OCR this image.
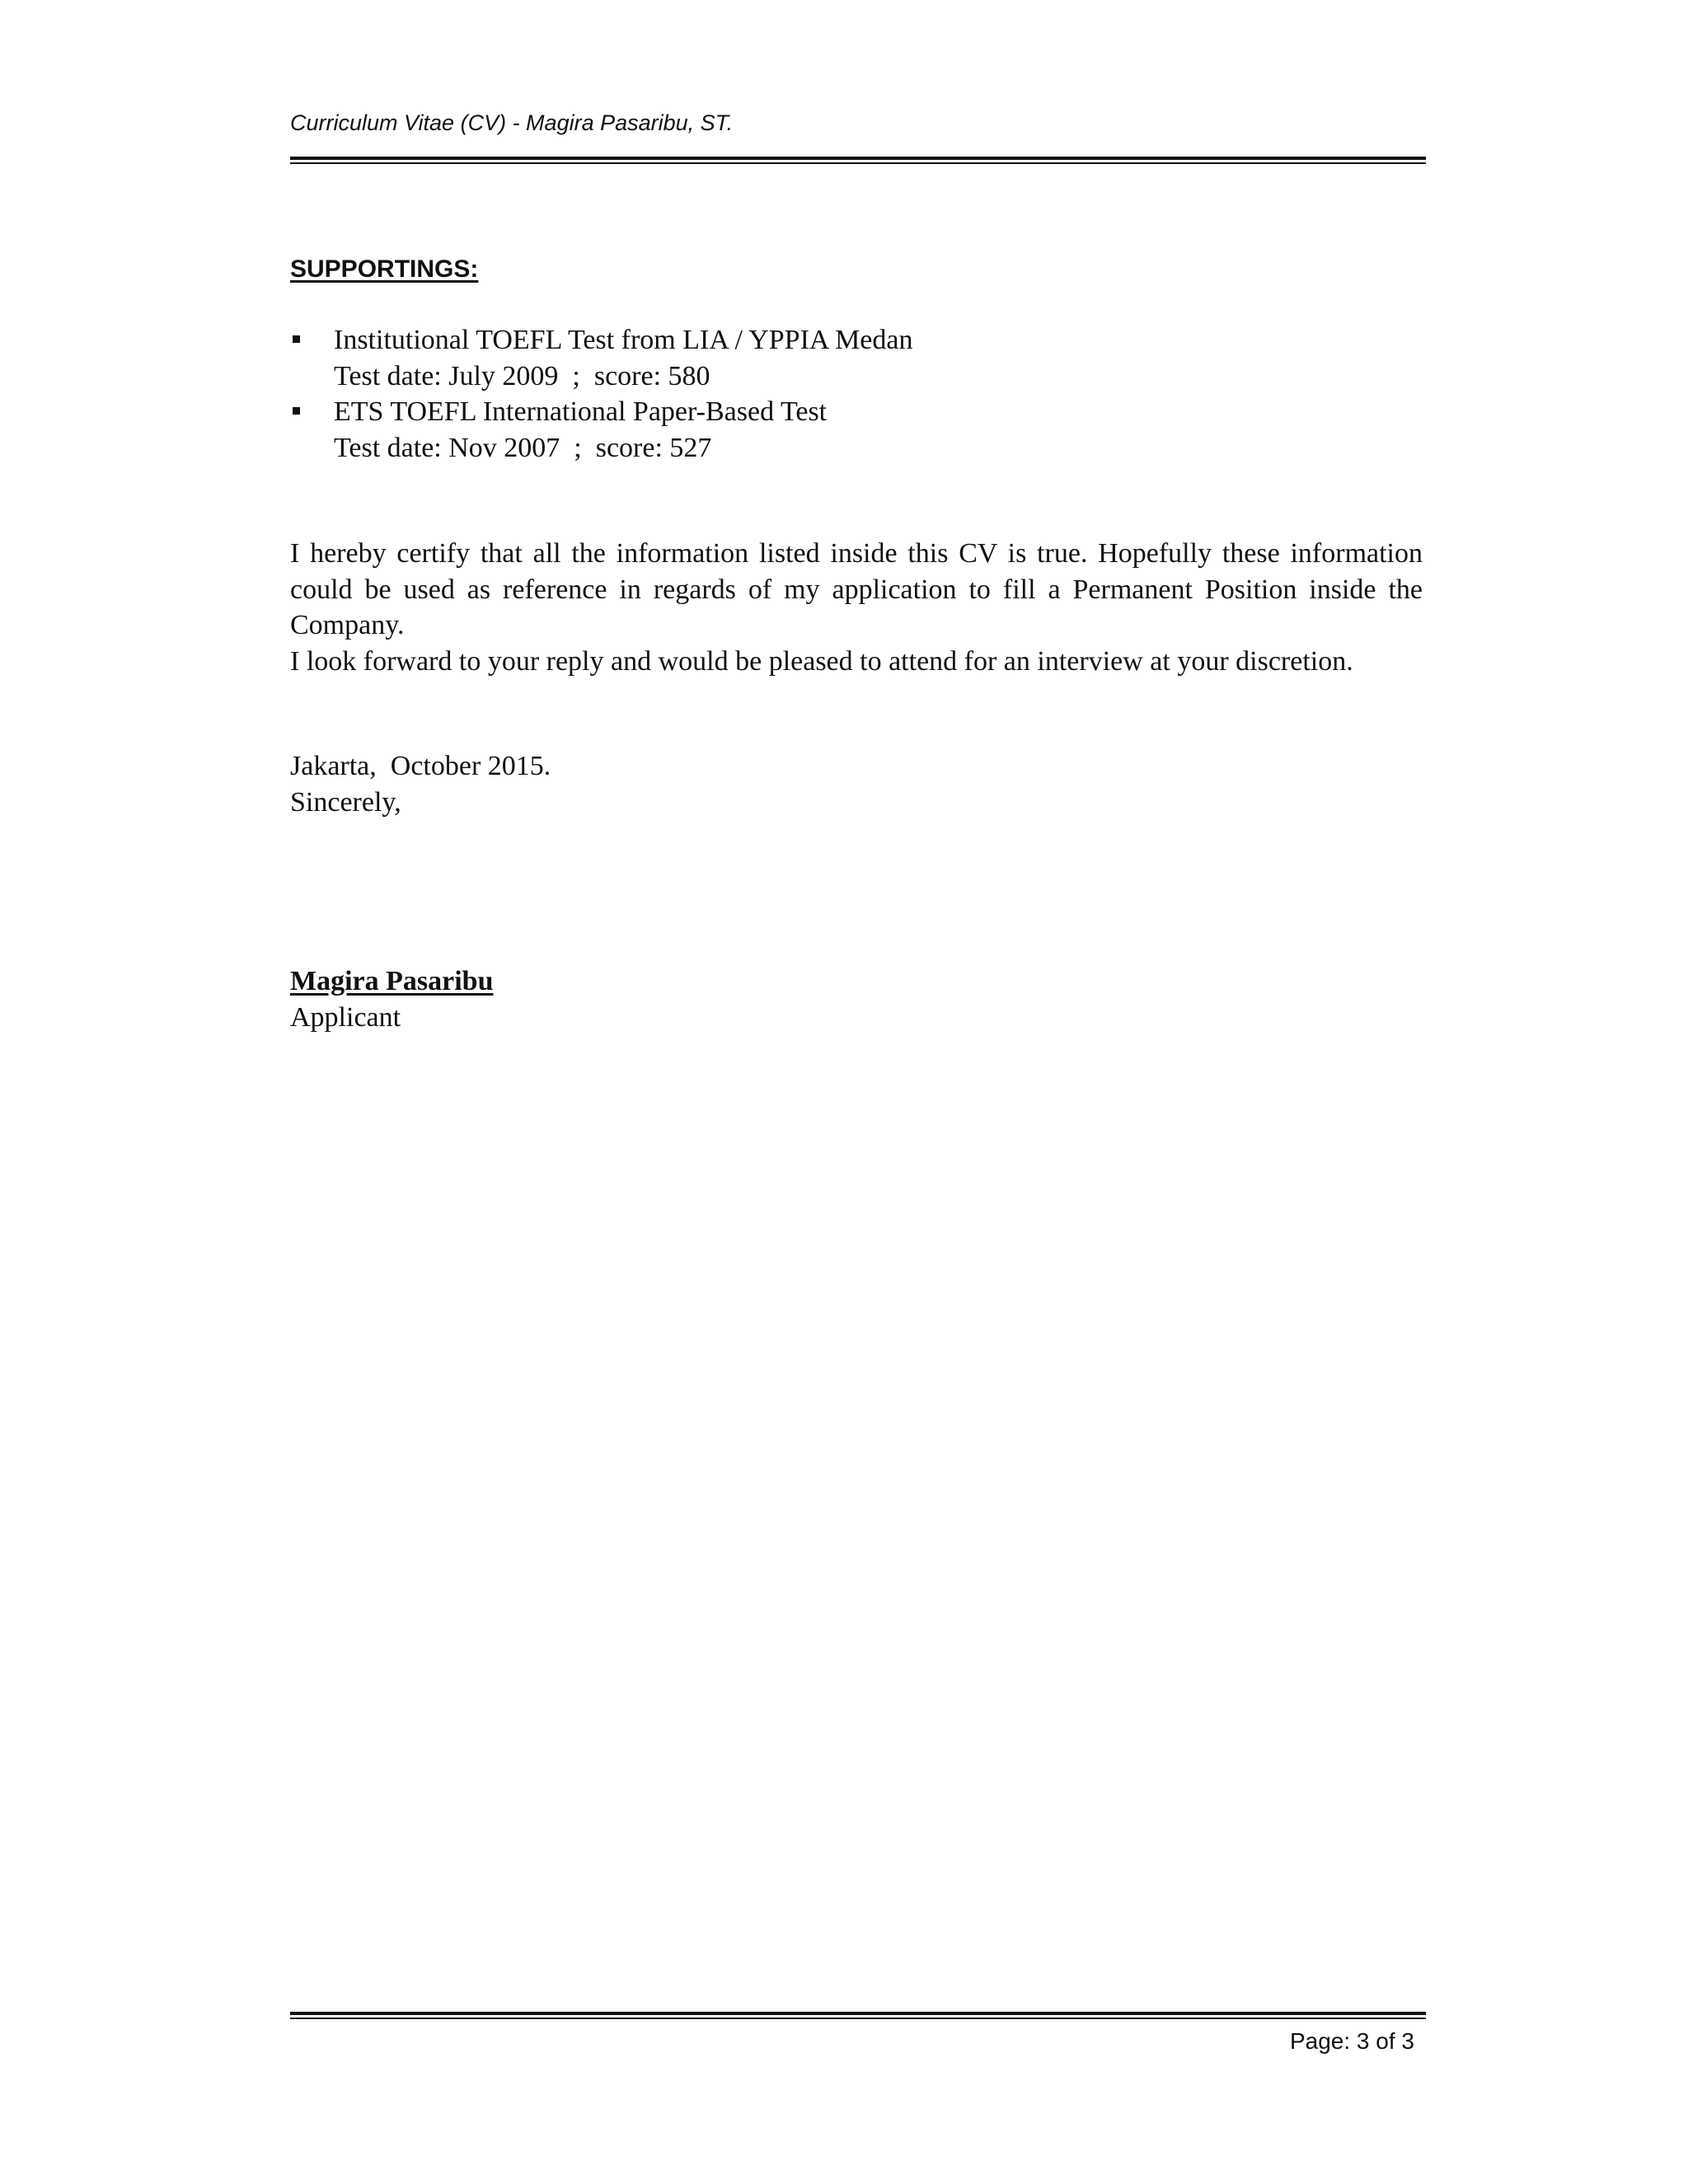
Curriculum Vitae (CV) - Magira Pasaribu, ST.
SUPPORTINGS:
Institutional TOEFL Test from LIA / YPPIA Medan
Test date: July 2009  ;  score: 580
ETS TOEFL International Paper-Based Test
Test date: Nov 2007  ;  score: 527

I hereby certify that all the information listed inside this CV is true. Hopefully these information could be used as reference in regards of my application to fill a Permanent Position inside the Company.

I look forward to your reply and would be pleased to attend for an interview at your discretion.

Jakarta,  October 2015.
Sincerely,
Magira Pasaribu
Applicant
Page: 3 of 3
